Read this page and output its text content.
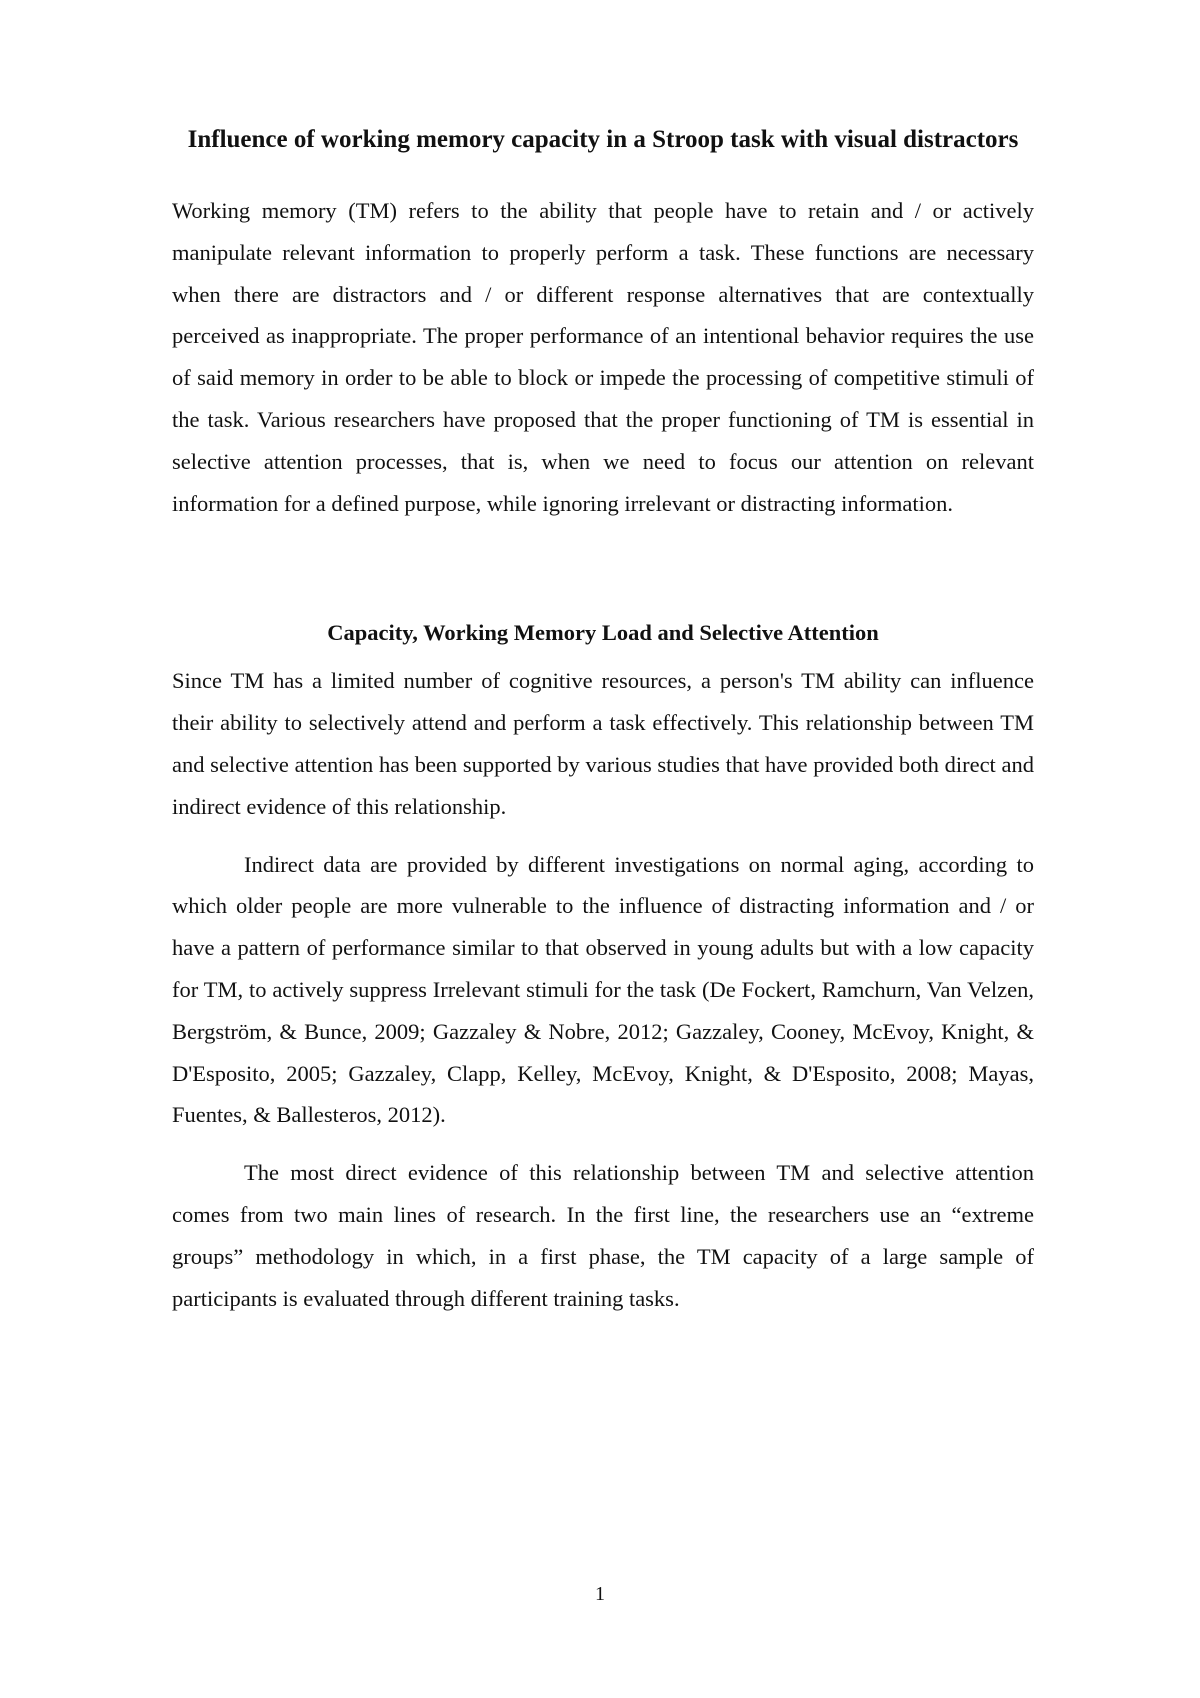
Influence of working memory capacity in a Stroop task with visual distractors

Working memory (TM) refers to the ability that people have to retain and / or actively manipulate relevant information to properly perform a task. These functions are necessary when there are distractors and / or different response alternatives that are contextually perceived as inappropriate. The proper performance of an intentional behavior requires the use of said memory in order to be able to block or impede the processing of competitive stimuli of the task. Various researchers have proposed that the proper functioning of TM is essential in selective attention processes, that is, when we need to focus our attention on relevant information for a defined purpose, while ignoring irrelevant or distracting information.

Capacity, Working Memory Load and Selective Attention

Since TM has a limited number of cognitive resources, a person's TM ability can influence their ability to selectively attend and perform a task effectively. This relationship between TM and selective attention has been supported by various studies that have provided both direct and indirect evidence of this relationship.

Indirect data are provided by different investigations on normal aging, according to which older people are more vulnerable to the influence of distracting information and / or have a pattern of performance similar to that observed in young adults but with a low capacity for TM, to actively suppress Irrelevant stimuli for the task (De Fockert, Ramchurn, Van Velzen, Bergström, & Bunce, 2009; Gazzaley & Nobre, 2012; Gazzaley, Cooney, McEvoy, Knight, & D'Esposito, 2005; Gazzaley, Clapp, Kelley, McEvoy, Knight, & D'Esposito, 2008; Mayas, Fuentes, & Ballesteros, 2012).

The most direct evidence of this relationship between TM and selective attention comes from two main lines of research. In the first line, the researchers use an “extreme groups” methodology in which, in a first phase, the TM capacity of a large sample of participants is evaluated through different training tasks.

1
